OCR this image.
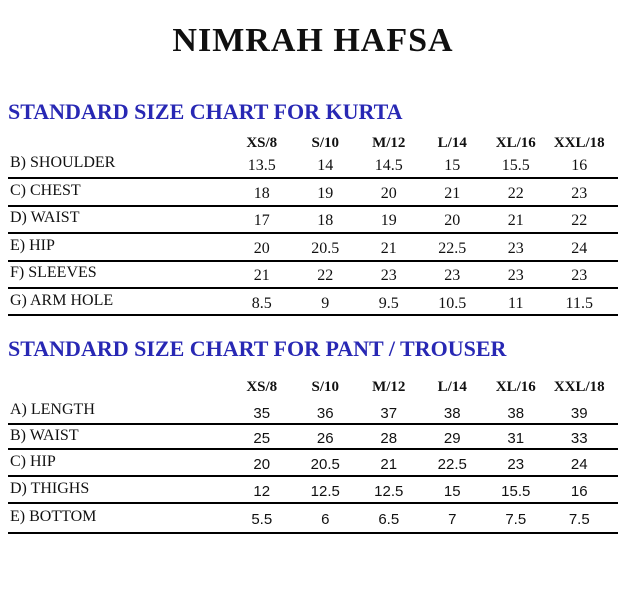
NIMRAH HAFSA
STANDARD SIZE CHART FOR KURTA
	XS/8	S/10	M/12	L/14	XL/16	XXL/18	
B) SHOULDER	13.5	14	14.5	15	15.5	16	
C) CHEST	18	19	20	21	22	23	
D) WAIST	17	18	19	20	21	22	
E) HIP	20	20.5	21	22.5	23	24	
F) SLEEVES	21	22	23	23	23	23	
G) ARM HOLE	8.5	9	9.5	10.5	11	11.5	
STANDARD SIZE CHART FOR PANT / TROUSER
	XS/8	S/10	M/12	L/14	XL/16	XXL/18	
A) LENGTH	35	36	37	38	38	39	
B) WAIST	25	26	28	29	31	33	
C) HIP	20	20.5	21	22.5	23	24	
D) THIGHS	12	12.5	12.5	15	15.5	16	
E) BOTTOM	5.5	6	6.5	7	7.5	7.5	
